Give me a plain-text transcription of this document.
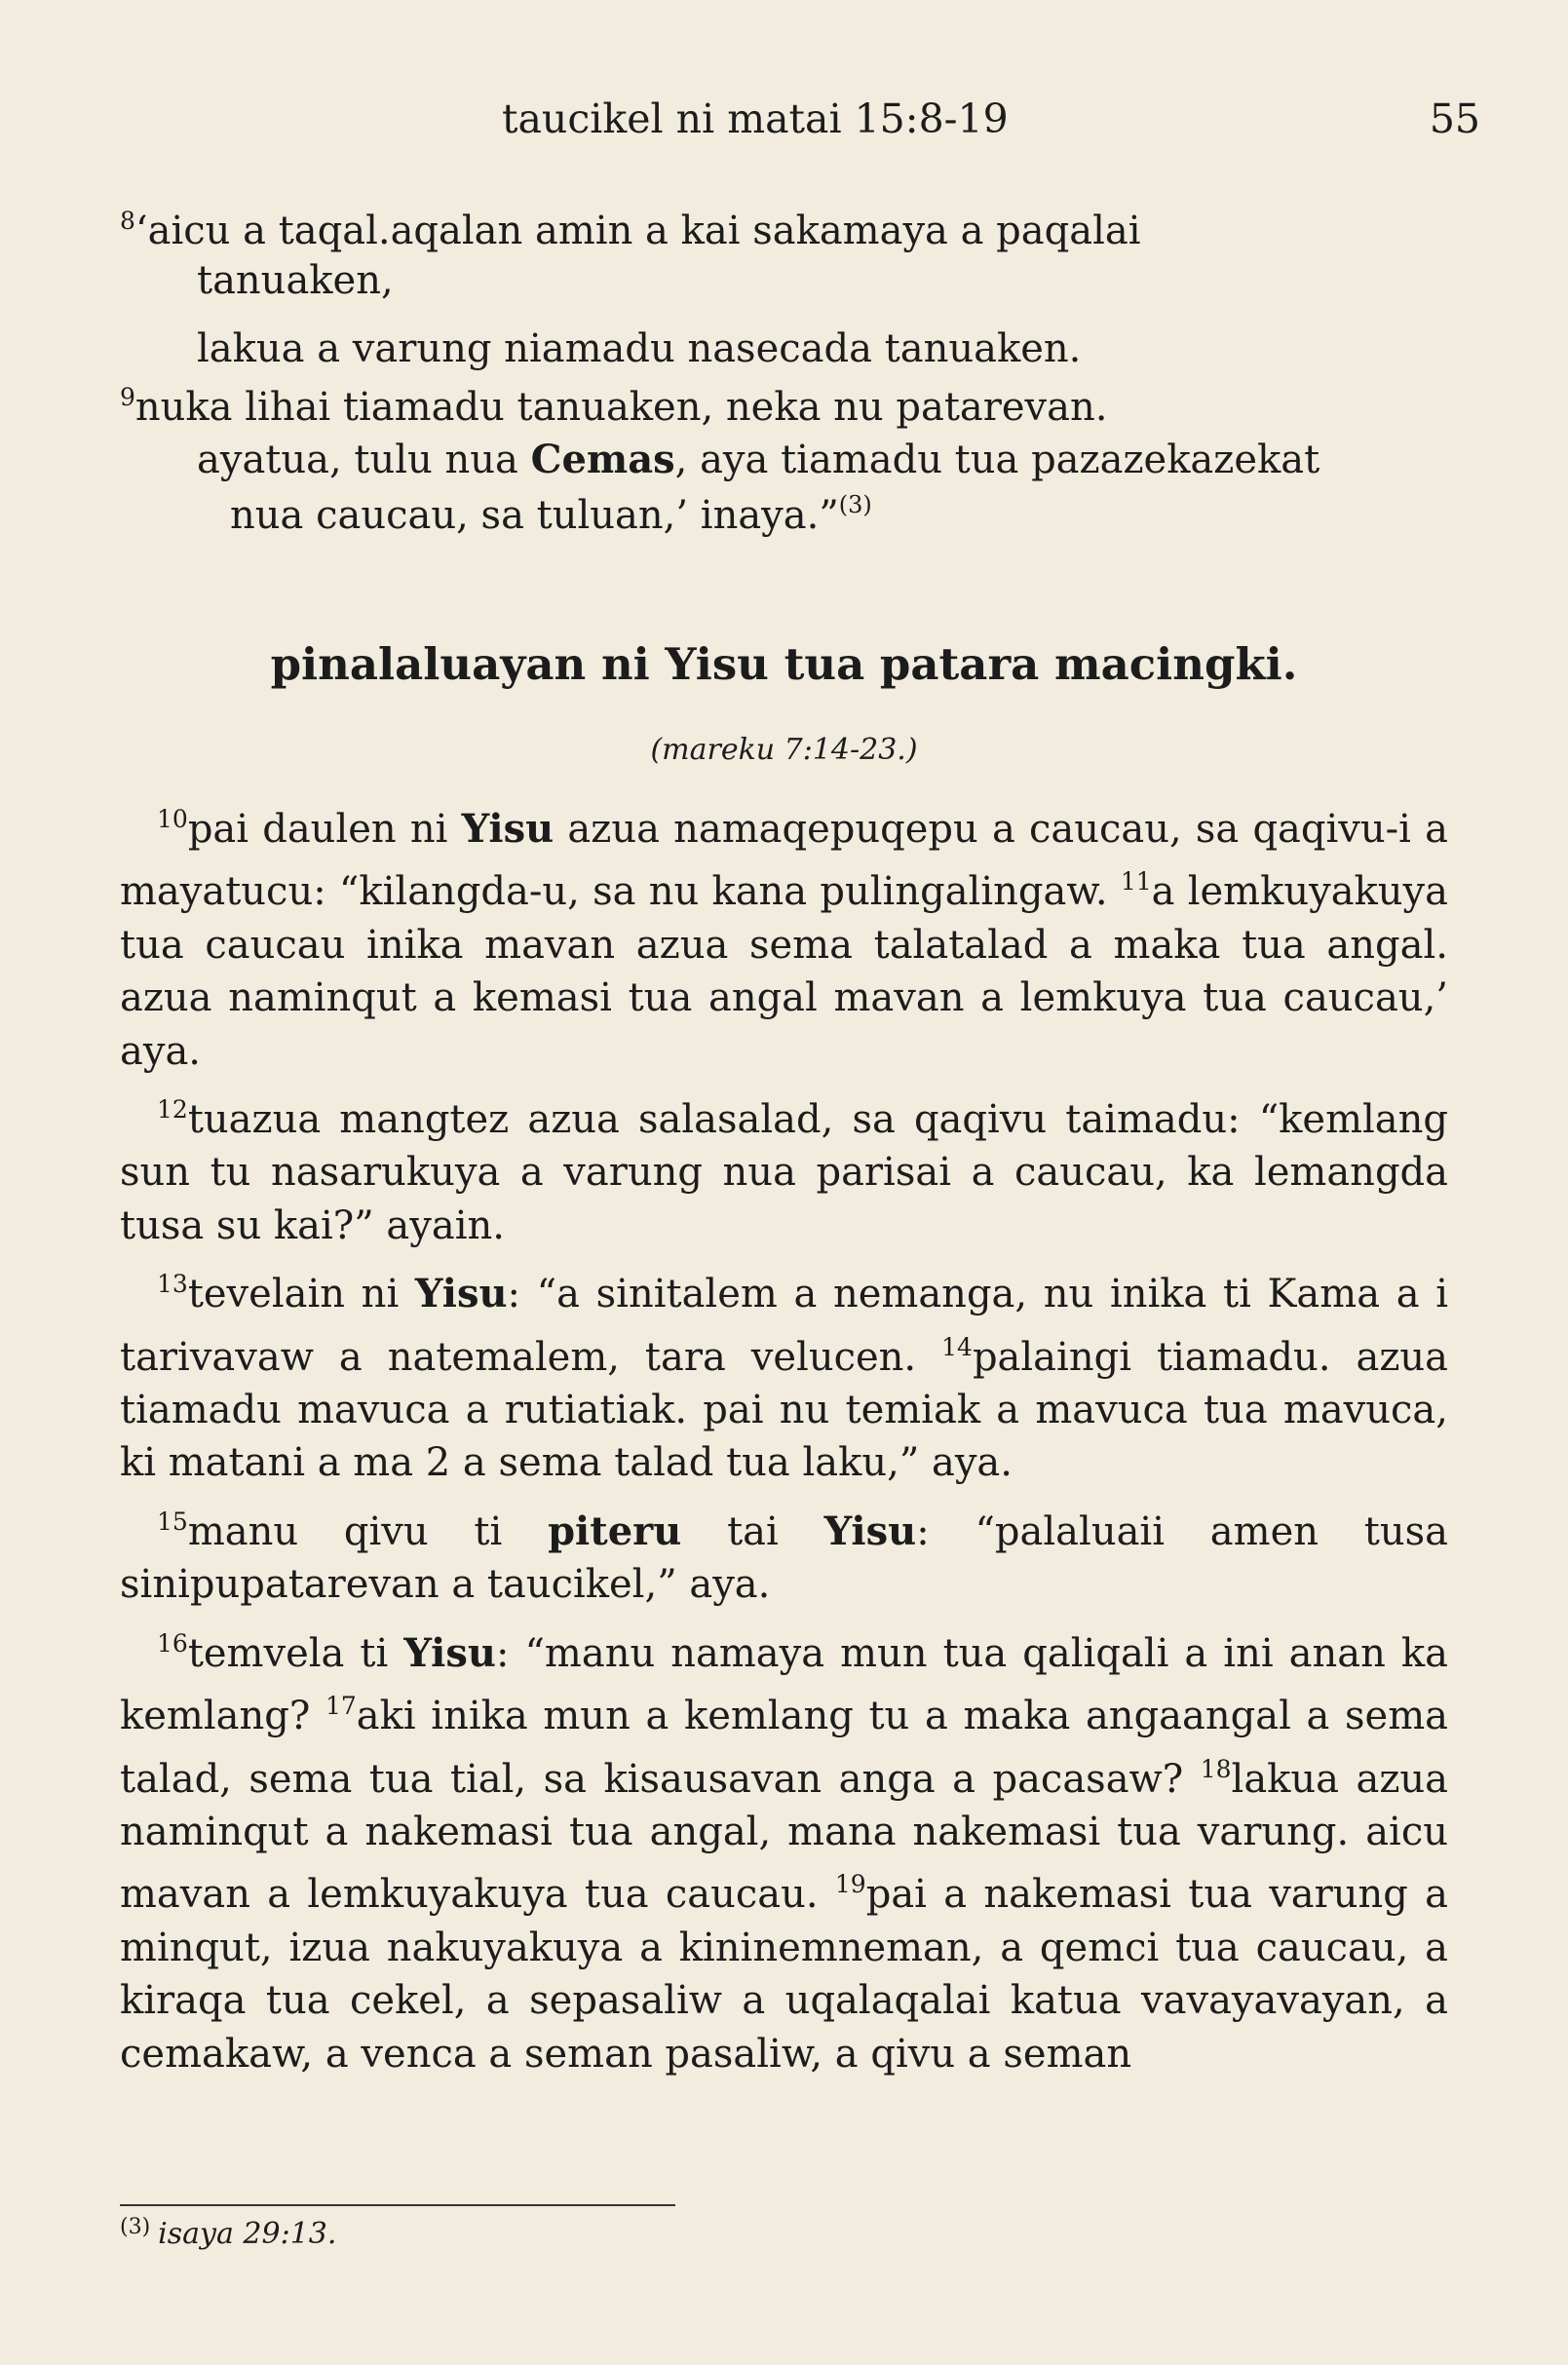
taucikel ni matai 15:8-19	55
$^8$‘aicu a taqal.aqalan amin a kai sakamaya a paqalai
tanuaken,
lakua a varung niamadu nasecada tanuaken.
$^9$nuka lihai tiamadu tanuaken, neka nu patarevan.
ayatua, tulu nua Cemas, aya tiamadu tua pazazekazekat
nua caucau, sa tuluan,’ inaya.”$^{(3)}$
pinalaluayan ni Yisu tua patara macingki.
(mareku 7:14-23.)

$^{10}$pai daulen ni Yisu azua namaqepuqepu a caucau, sa qaqivu-i a mayatucu: “kilangda-u, sa nu kana pulingalingaw. $^{11}$a lemkuyakuya tua caucau inika mavan azua sema talatalad a maka tua angal. azua naminqut a kemasi tua angal mavan a lemkuya tua caucau,’ aya.

$^{12}$tuazua mangtez azua salasalad, sa qaqivu taimadu: “kemlang sun tu nasarukuya a varung nua parisai a caucau, ka lemangda tusa su kai?” ayain.

$^{13}$tevelain ni Yisu: “a sinitalem a nemanga, nu inika ti Kama a i tarivavaw a natemalem, tara velucen. $^{14}$palaingi tiamadu. azua tiamadu mavuca a rutiatiak. pai nu temiak a mavuca tua mavuca, ki matani a ma 2 a sema talad tua laku,” aya.

$^{15}$manu qivu ti piteru tai Yisu: “palaluaii amen tusa sinipupatarevan a taucikel,” aya.

$^{16}$temvela ti Yisu: “manu namaya mun tua qaliqali a ini anan ka kemlang? $^{17}$aki inika mun a kemlang tu a maka angaangal a sema talad, sema tua tial, sa kisausavan anga a pacasaw? $^{18}$lakua azua naminqut a nakemasi tua angal, mana nakemasi tua varung. aicu mavan a lemkuyakuya tua caucau. $^{19}$pai a nakemasi tua varung a minqut, izua nakuyakuya a kininemneman, a qemci tua caucau, a kiraqa tua cekel, a sepasaliw a uqalaqalai katua vavayavayan, a cemakaw, a venca a seman pasaliw, a qivu a seman

$^{(3)}$ isaya 29:13.
